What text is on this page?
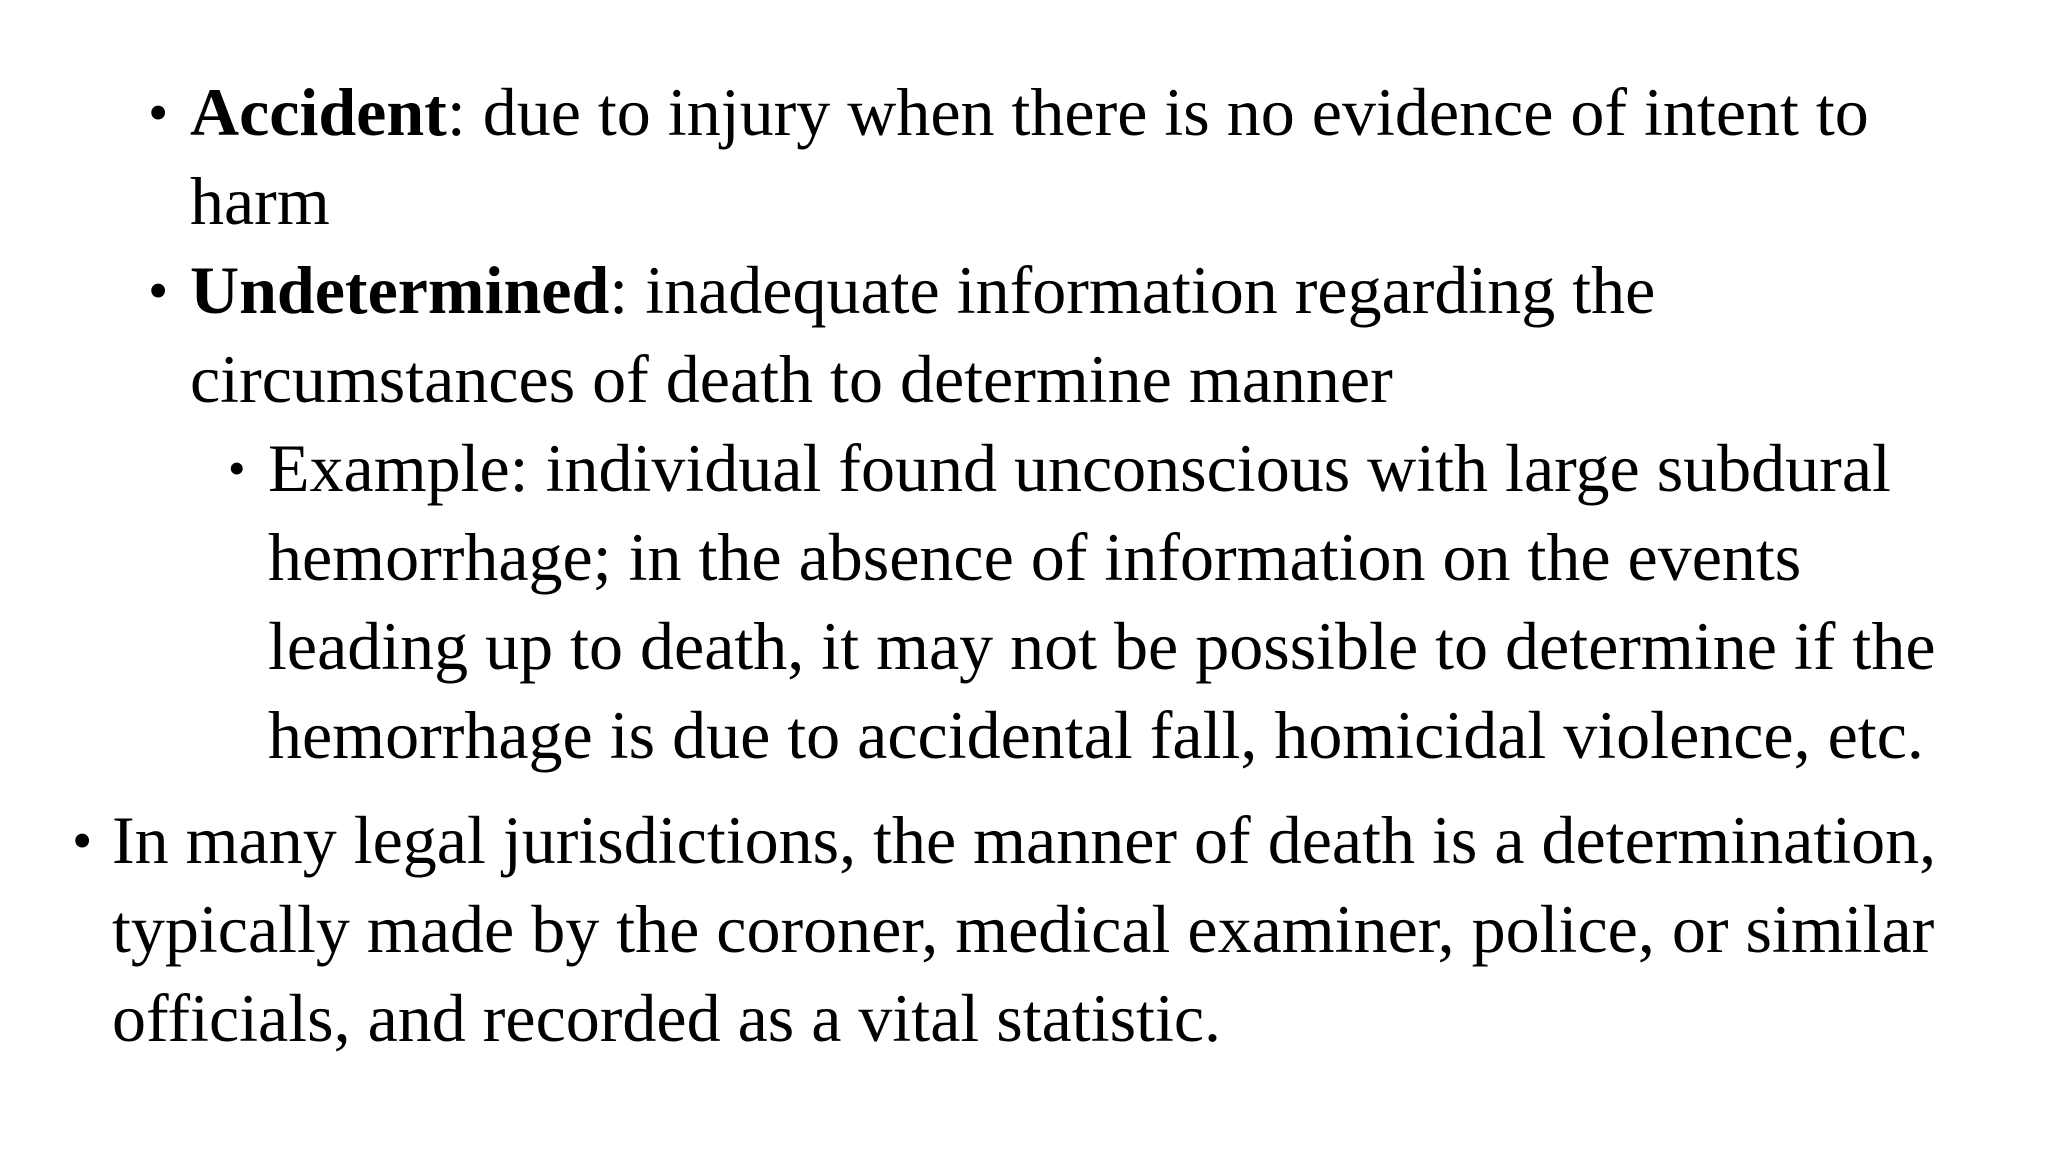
• Accident: due to injury when there is no evidence of intent to harm
• Undetermined: inadequate information regarding the circumstances of death to determine manner
• Example: individual found unconscious with large subdural hemorrhage; in the absence of information on the events leading up to death, it may not be possible to determine if the hemorrhage is due to accidental fall, homicidal violence, etc.
• In many legal jurisdictions, the manner of death is a determination, typically made by the coroner, medical examiner, police, or similar officials, and recorded as a vital statistic.
